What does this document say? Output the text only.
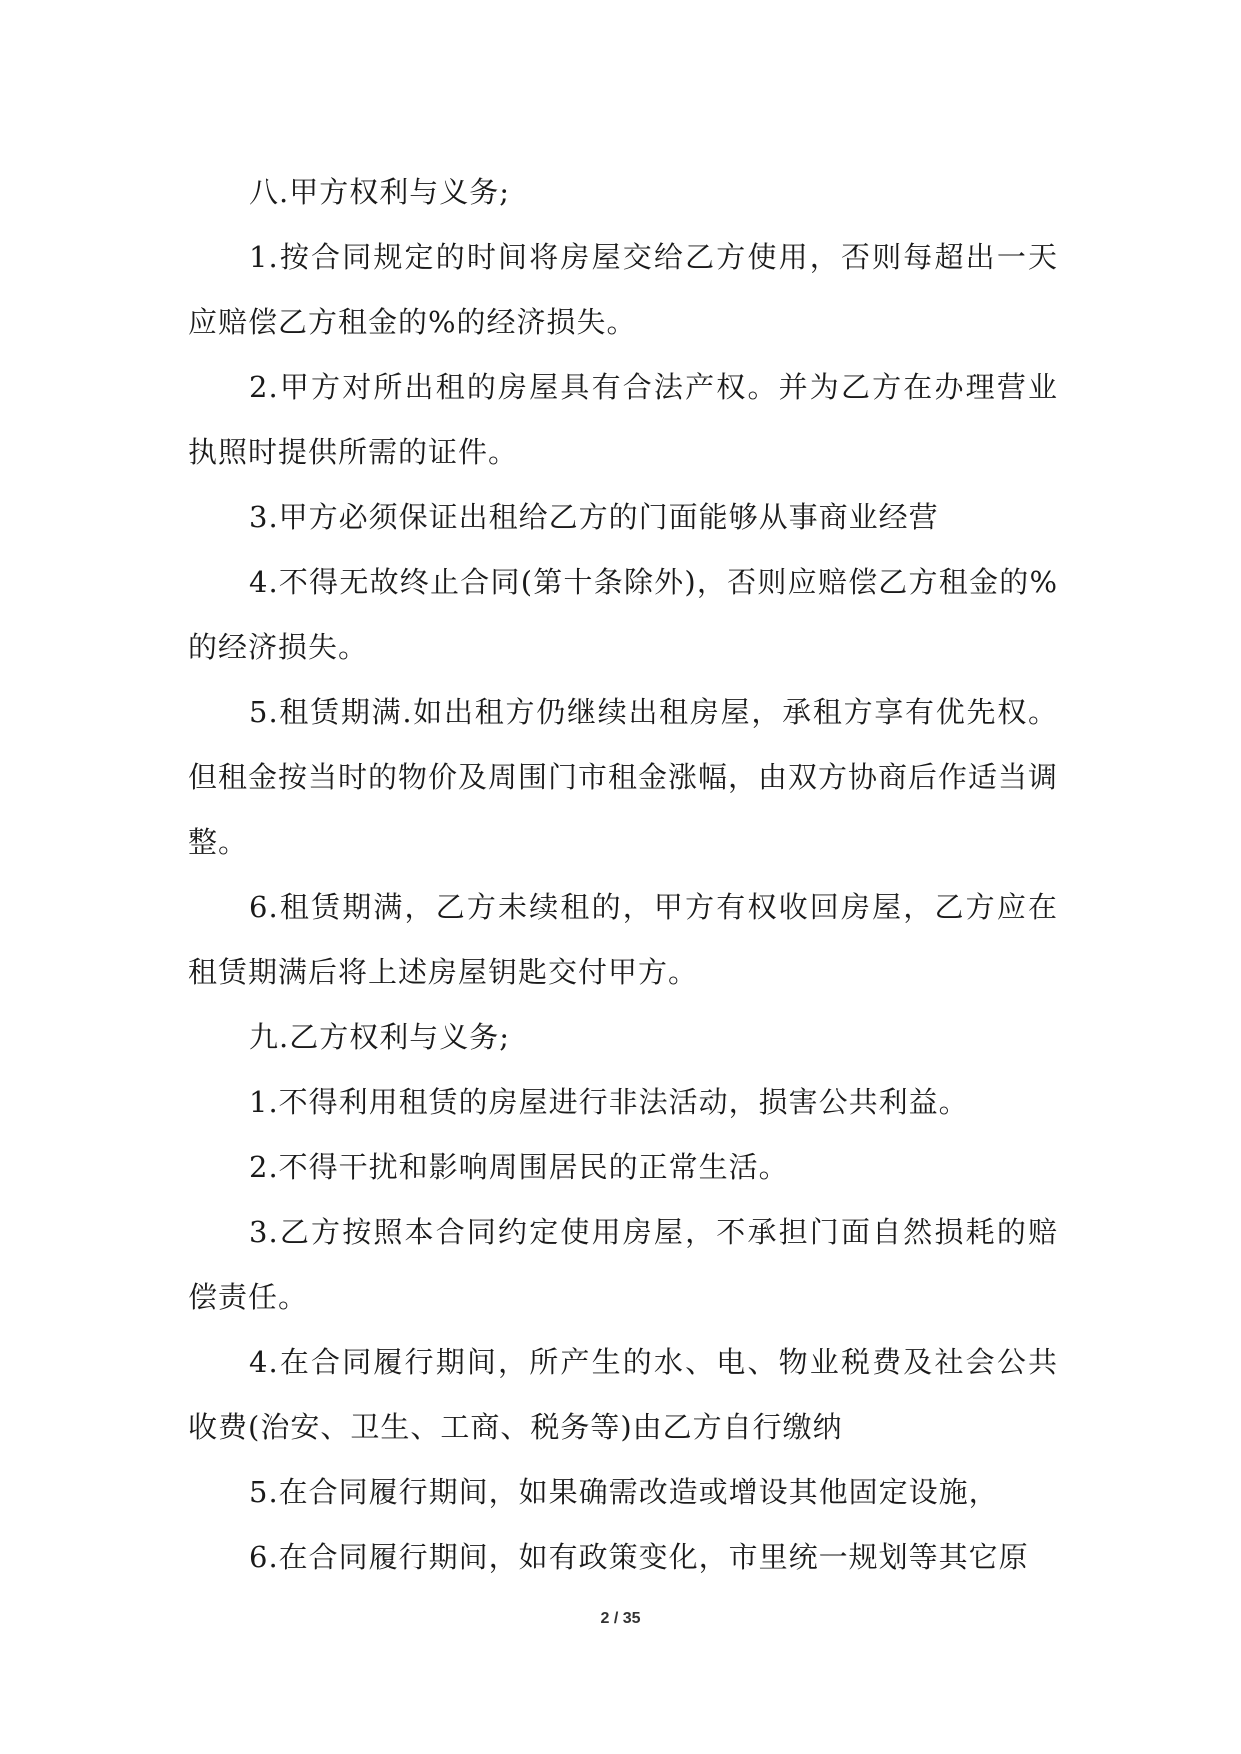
八.甲方权利与义务;

1.按合同规定的时间将房屋交给乙方使用，否则每超出一天应赔偿乙方租金的%的经济损失。

2.甲方对所出租的房屋具有合法产权。并为乙方在办理营业执照时提供所需的证件。

3.甲方必须保证出租给乙方的门面能够从事商业经营

4.不得无故终止合同(第十条除外)，否则应赔偿乙方租金的%的经济损失。

5.租赁期满.如出租方仍继续出租房屋，承租方享有优先权。但租金按当时的物价及周围门市租金涨幅，由双方协商后作适当调整。

6.租赁期满，乙方未续租的，甲方有权收回房屋，乙方应在租赁期满后将上述房屋钥匙交付甲方。

九.乙方权利与义务;

1.不得利用租赁的房屋进行非法活动，损害公共利益。

2.不得干扰和影响周围居民的正常生活。

3.乙方按照本合同约定使用房屋，不承担门面自然损耗的赔偿责任。

4.在合同履行期间，所产生的水、电、物业税费及社会公共收费(治安、卫生、工商、税务等)由乙方自行缴纳

5.在合同履行期间，如果确需改造或增设其他固定设施，

6.在合同履行期间，如有政策变化，市里统一规划等其它原

2 / 35
